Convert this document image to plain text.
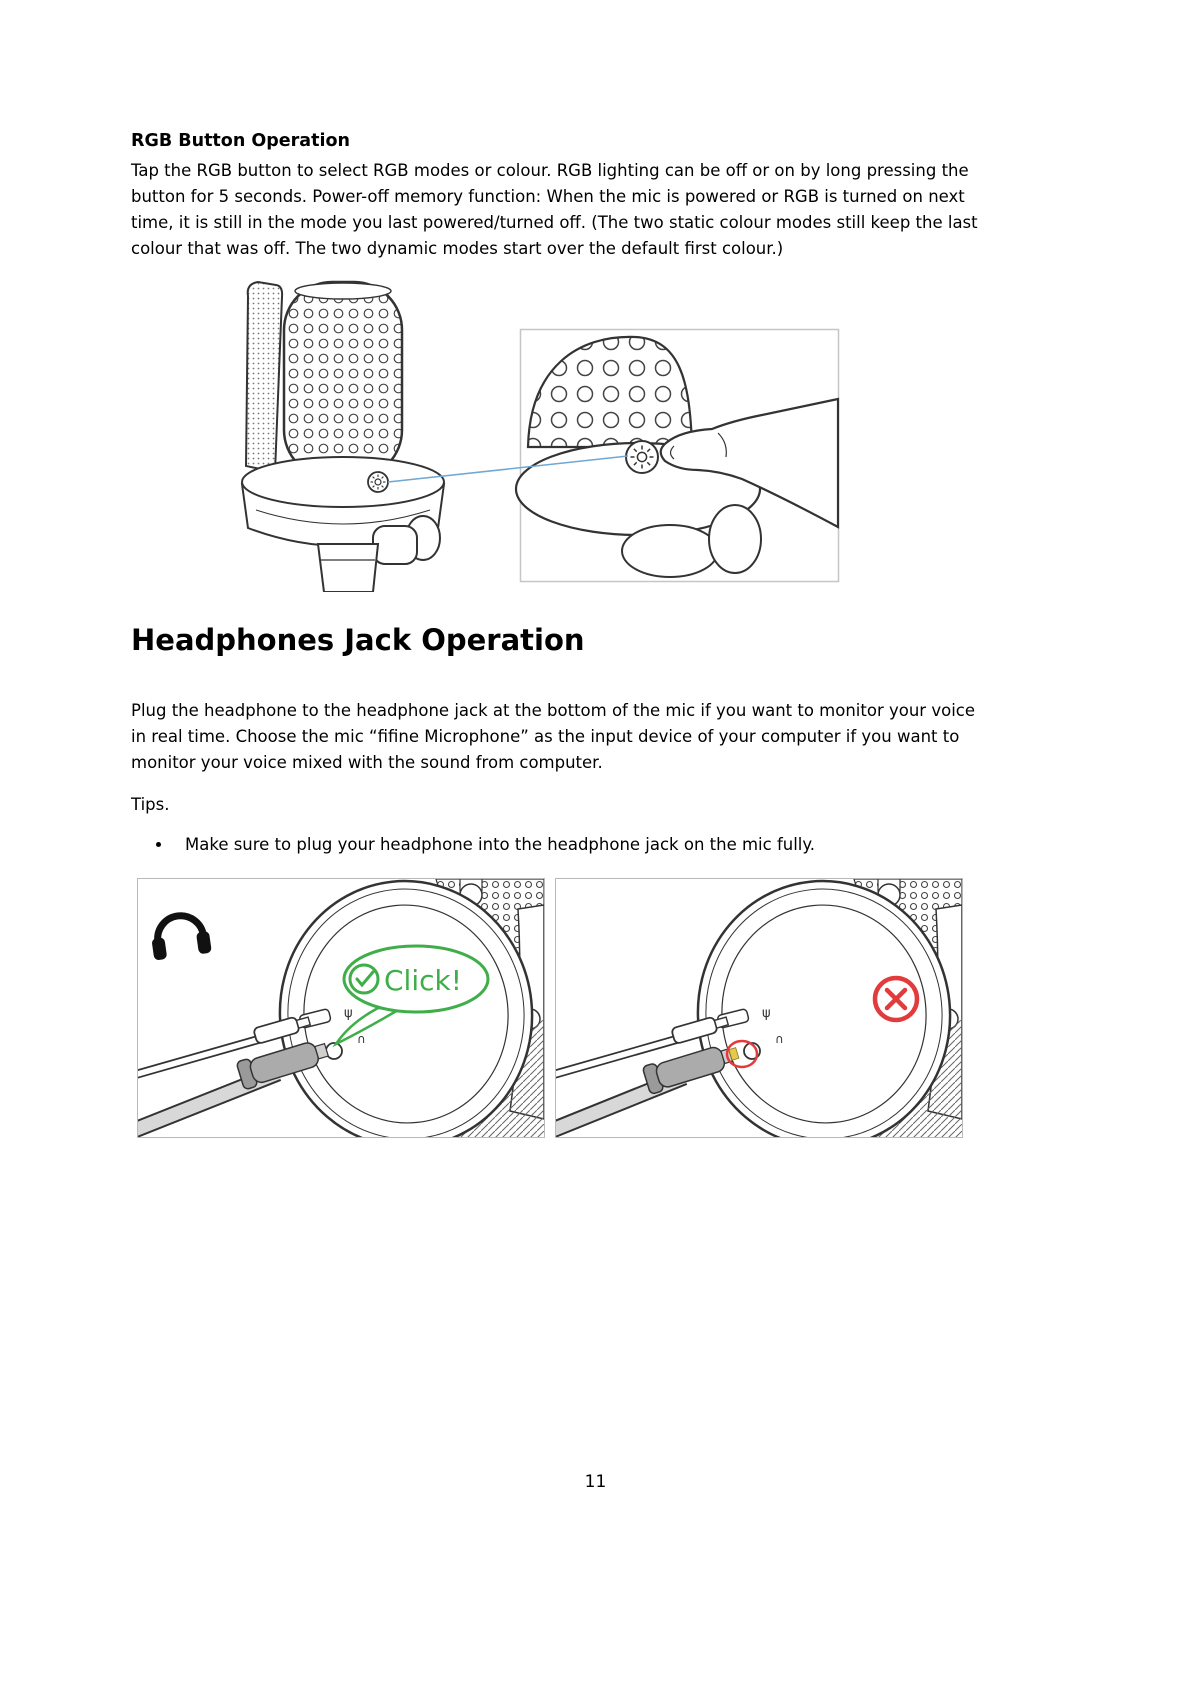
RGB Button Operation

Tap the RGB button to select RGB modes or colour. RGB lighting can be off or on by long pressing the button for 5 seconds. Power-off memory function: When the mic is powered or RGB is turned on next time, it is still in the mode you last powered/turned off. (The two static colour modes still keep the last colour that was off. The two dynamic modes start over the default first colour.)

Headphones Jack Operation

Plug the headphone to the headphone jack at the bottom of the mic if you want to monitor your voice in real time. Choose the mic “fifine Microphone” as the input device of your computer if you want to monitor your voice mixed with the sound from computer.

Tips.

• Make sure to plug your headphone into the headphone jack on the mic fully.
ψ
∩
Click!
ψ
∩
11
